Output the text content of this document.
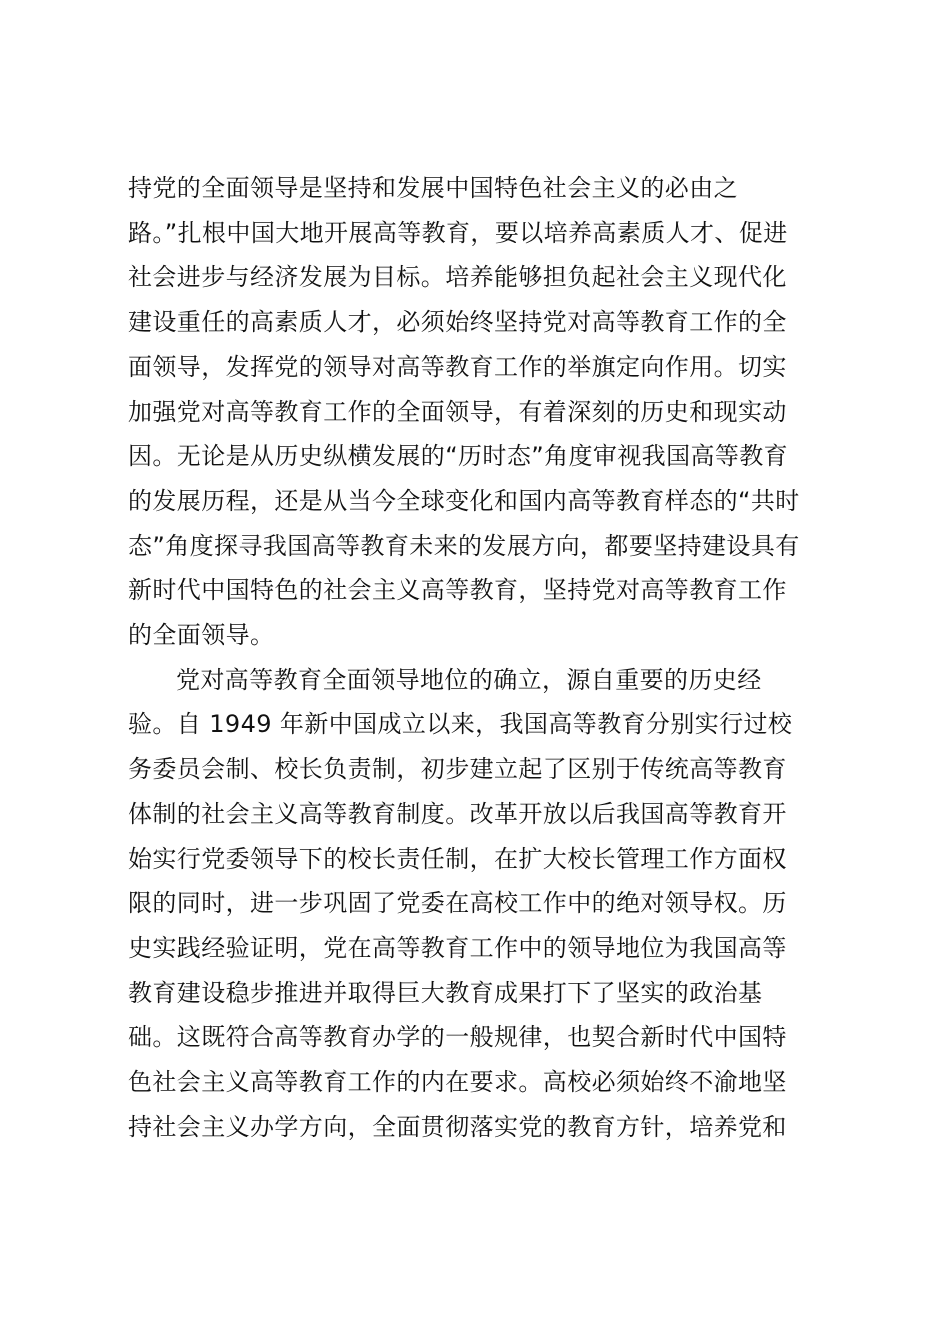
持党的全面领导是坚持和发展中国特色社会主义的必由之
路。”扎根中国大地开展高等教育，要以培养高素质人才、促进
社会进步与经济发展为目标。培养能够担负起社会主义现代化
建设重任的高素质人才，必须始终坚持党对高等教育工作的全
面领导，发挥党的领导对高等教育工作的举旗定向作用。切实
加强党对高等教育工作的全面领导，有着深刻的历史和现实动
因。无论是从历史纵横发展的“历时态”角度审视我国高等教育
的发展历程，还是从当今全球变化和国内高等教育样态的“共时
态”角度探寻我国高等教育未来的发展方向，都要坚持建设具有
新时代中国特色的社会主义高等教育，坚持党对高等教育工作
的全面领导。
党对高等教育全面领导地位的确立，源自重要的历史经
验。自 1949 年新中国成立以来，我国高等教育分别实行过校
务委员会制、校长负责制，初步建立起了区别于传统高等教育
体制的社会主义高等教育制度。改革开放以后我国高等教育开
始实行党委领导下的校长责任制，在扩大校长管理工作方面权
限的同时，进一步巩固了党委在高校工作中的绝对领导权。历
史实践经验证明，党在高等教育工作中的领导地位为我国高等
教育建设稳步推进并取得巨大教育成果打下了坚实的政治基
础。这既符合高等教育办学的一般规律，也契合新时代中国特
色社会主义高等教育工作的内在要求。高校必须始终不渝地坚
持社会主义办学方向，全面贯彻落实党的教育方针，培养党和
